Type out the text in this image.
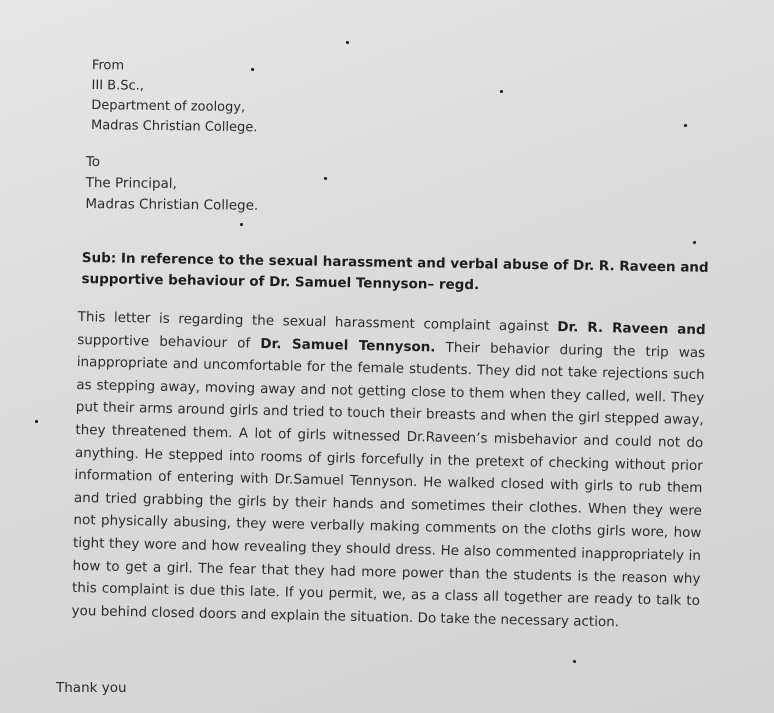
From
III B.Sc.,
Department of zoology,
Madras Christian College.
To
The Principal,
Madras Christian College.
Sub: In reference to the sexual harassment and verbal abuse of Dr. R. Raveen and supportive behaviour of Dr. Samuel Tennyson– regd.
This letter is regarding the sexual harassment complaint against Dr. R. Raveen and supportive behaviour of Dr. Samuel Tennyson. Their behavior during the trip was inappropriate and uncomfortable for the female students. They did not take rejections such as stepping away, moving away and not getting close to them when they called, well. They put their arms around girls and tried to touch their breasts and when the girl stepped away, they threatened them. A lot of girls witnessed Dr.Raveen’s misbehavior and could not do anything. He stepped into rooms of girls forcefully in the pretext of checking without prior information of entering with Dr.Samuel Tennyson. He walked closed with girls to rub them and tried grabbing the girls by their hands and sometimes their clothes. When they were not physically abusing, they were verbally making comments on the cloths girls wore, how tight they wore and how revealing they should dress. He also commented inappropriately in how to get a girl. The fear that they had more power than the students is the reason why this complaint is due this late. If you permit, we, as a class all together are ready to talk to you behind closed doors and explain the situation. Do take the necessary action.
Thank you
